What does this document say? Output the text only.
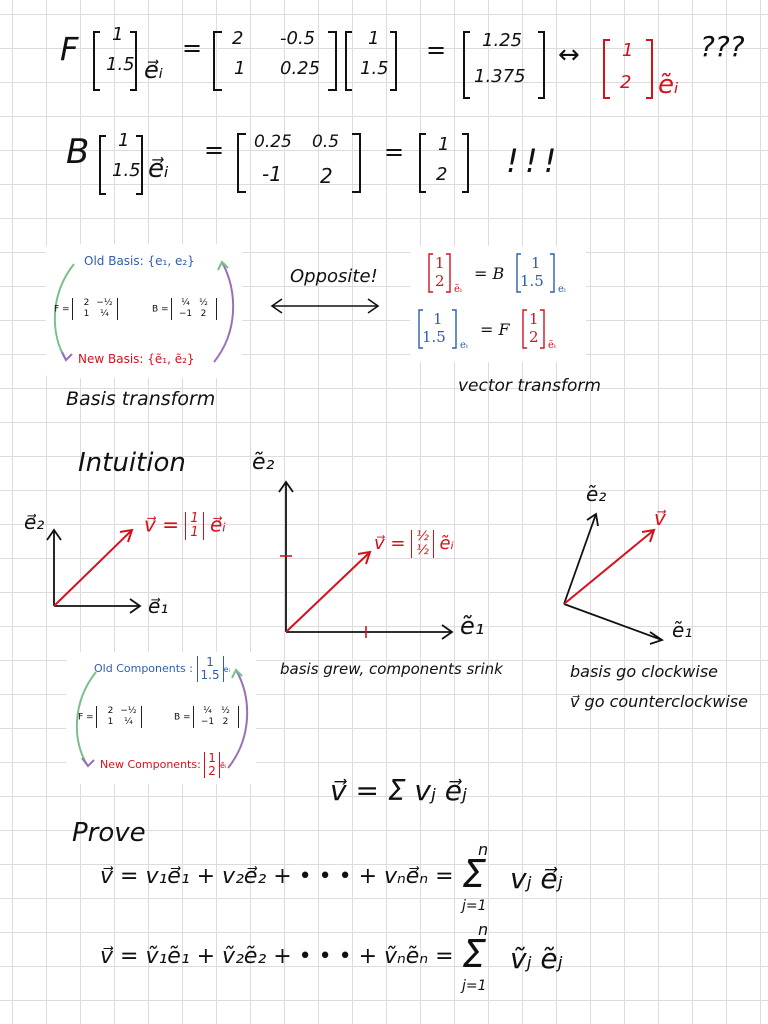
F 1
1.5 e⃗ᵢ
= 2 -0.5
1 0.25
1
1.5
= 1.25
1.375
↔ 1
2 ẽᵢ
???
B 1
1.5 e⃗ᵢ
= 0.25 0.5
-1 2
= 1
2 !!!
Old Basis: {e₁, e₂}
F = 2 −½
1 ¼	B = ¼ ½
−1 2
New Basis: {ẽ₁, ẽ₂}
Opposite!
1
2 ẽᵢ
= B
1
1.5 eᵢ
1
1.5 eᵢ
= F
1
2 ẽᵢ
Basis transform
vector transform
Intuition
e⃗₂
e⃗₁
v⃗ = 1
1 e⃗ᵢ
ẽ₂
ẽ₁
v⃗ = ½
½ ẽᵢ
basis grew, components srink
ẽ₂
ẽ₁
v⃗
basis go clockwise
v⃗ go counterclockwise
Old Components : 1
1.5 eᵢ
F = 2 −½
1 ¼	B = ¼ ½
−1 2
New Components: 1
2 ẽᵢ
v⃗ = Σ vⱼ e⃗ⱼ
Prove
v⃗ = v₁e⃗₁ + v₂e⃗₂ + • • • + vₙe⃗ₙ =
n
Σ
j=1
vⱼ e⃗ⱼ
v⃗ = ṽ₁ẽ₁ + ṽ₂ẽ₂ + • • • + ṽₙẽₙ =
n
Σ
j=1
ṽⱼ ẽⱼ
